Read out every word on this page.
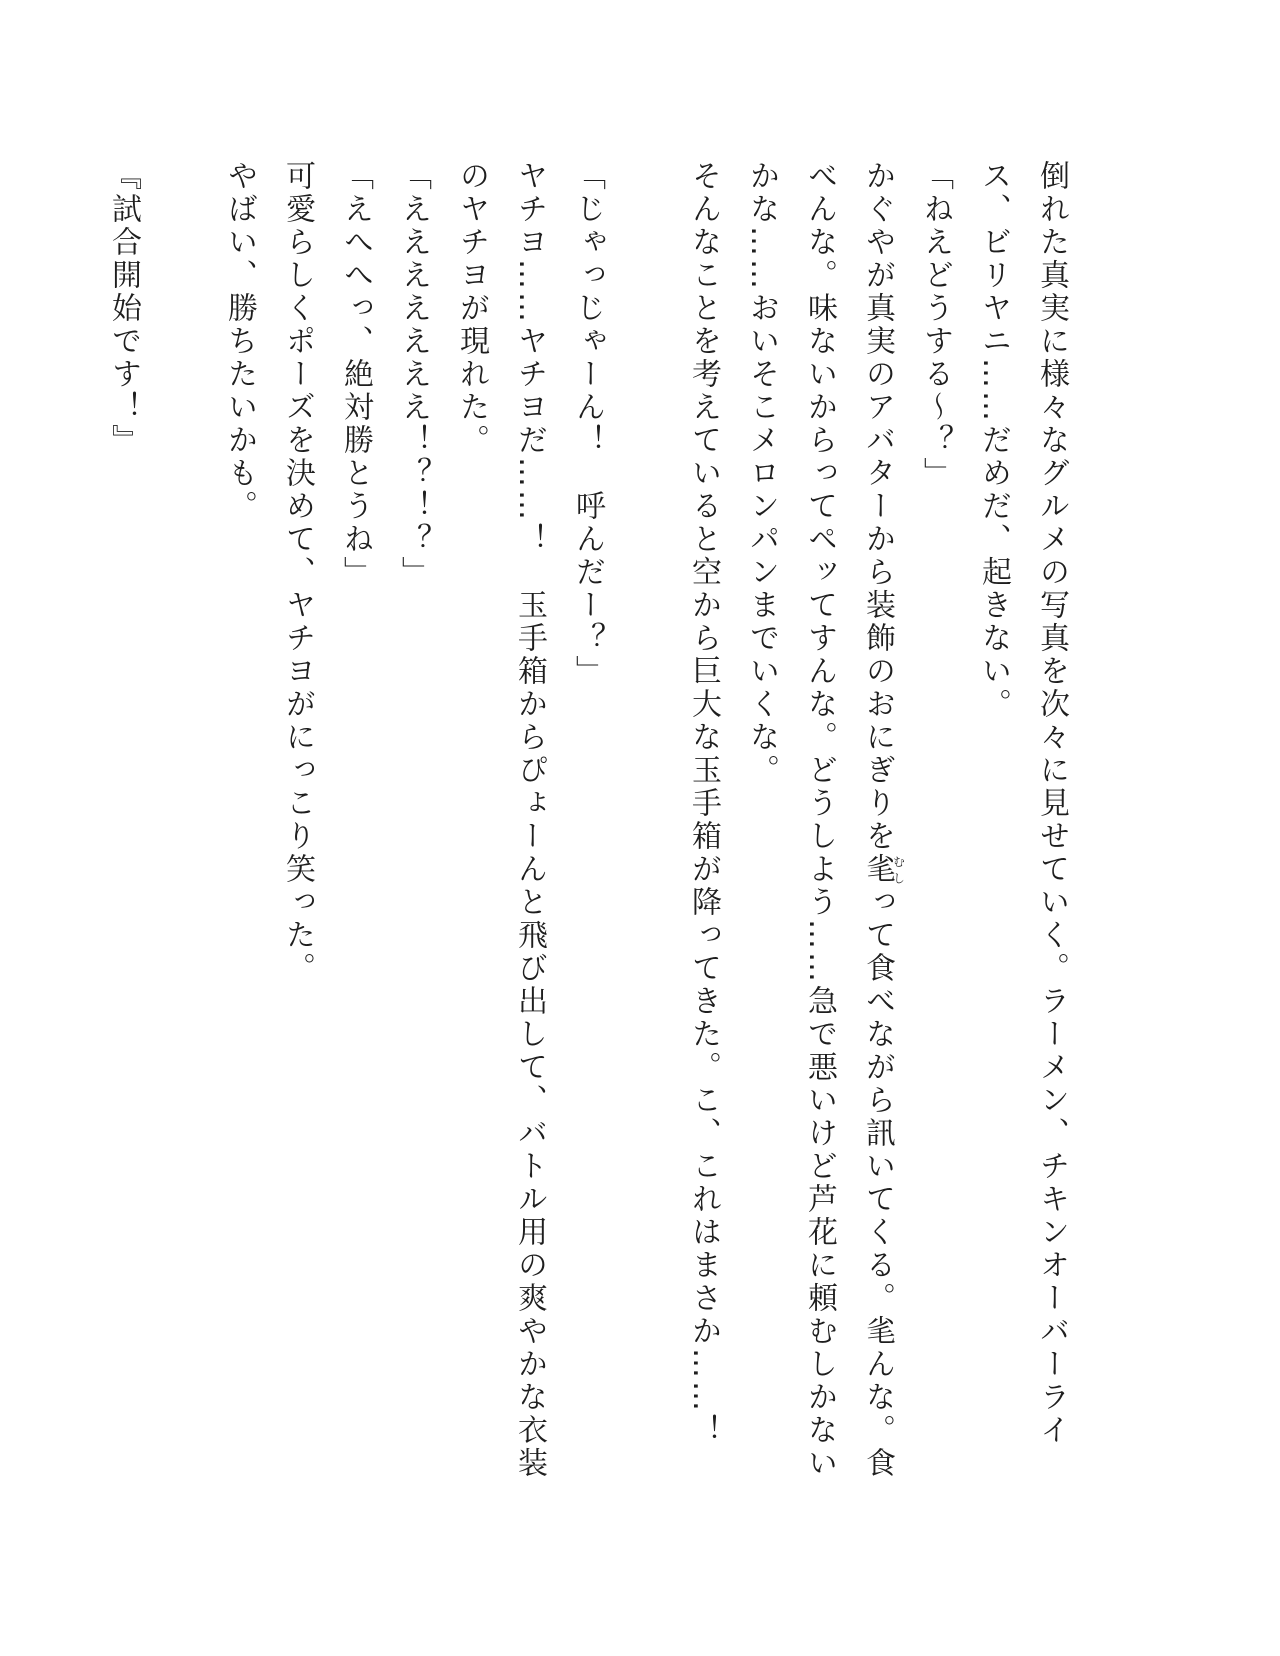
倒れた真実に様々なグルメの写真を次々に見せていく。ラーメン、チキンオーバーライス、ビリヤニ……だめだ、起きない。

「ねえどうする〜？」

かぐやが真実のアバターから装飾のおにぎりを毟むしって食べながら訊いてくる。毟んな。食べんな。味ないからってペッてすんな。どうしよう……急で悪いけど芦花に頼むしかないかな……おいそこメロンパンまでいくな。

そんなことを考えていると空から巨大な玉手箱が降ってきた。こ、これはまさか……！

「じゃっじゃーん！　呼んだー？」

ヤチヨ……ヤチヨだ……！　玉手箱からぴょーんと飛び出して、バトル用の爽やかな衣装のヤチヨが現れた。

「えええええええ！？！？」

「えへへっ、絶対勝とうね」

可愛らしくポーズを決めて、ヤチヨがにっこり笑った。

やばい、勝ちたいかも。

『試合開始です！』
